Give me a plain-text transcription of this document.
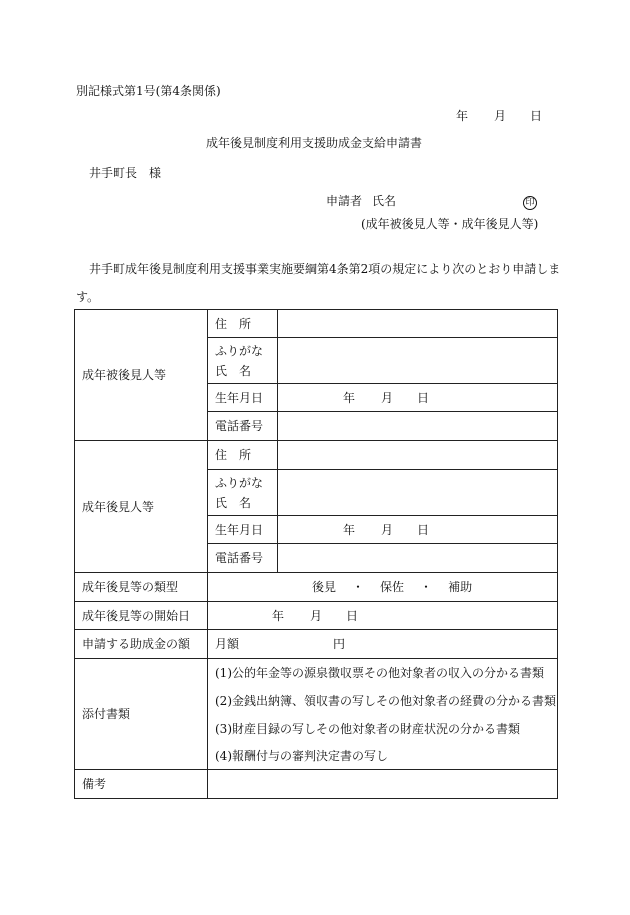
別記様式第1号(第4条関係)
年 月 日
成年後見制度利用支援助成金支給申請書
井手町長　様
申請者 氏名	印
(成年被後見人等・成年後見人等)
井手町成年後見制度利用支援事業実施要綱第4条第2項の規定により次のとおり申請しま
す。
成年被後見人等	住　所	

	ふりがな
氏　名	

	生年月日	年 月 日
	電話番号	
成年後見人等	住　所	

	ふりがな
氏　名	

	生年月日	年 月 日
	電話番号	
成年後見等の類型	後見 ・ 保佐 ・ 補助	
成年後見等の開始日	年 月 日	
申請する助成金の額	月額 円	
添付書類	(1)公的年金等の源泉徴収票その他対象者の収入の分かる書類
(2)金銭出納簿、領収書の写しその他対象者の経費の分かる書類
(3)財産目録の写しその他対象者の財産状況の分かる書類
(4)報酬付与の審判決定書の写し	

備考		
